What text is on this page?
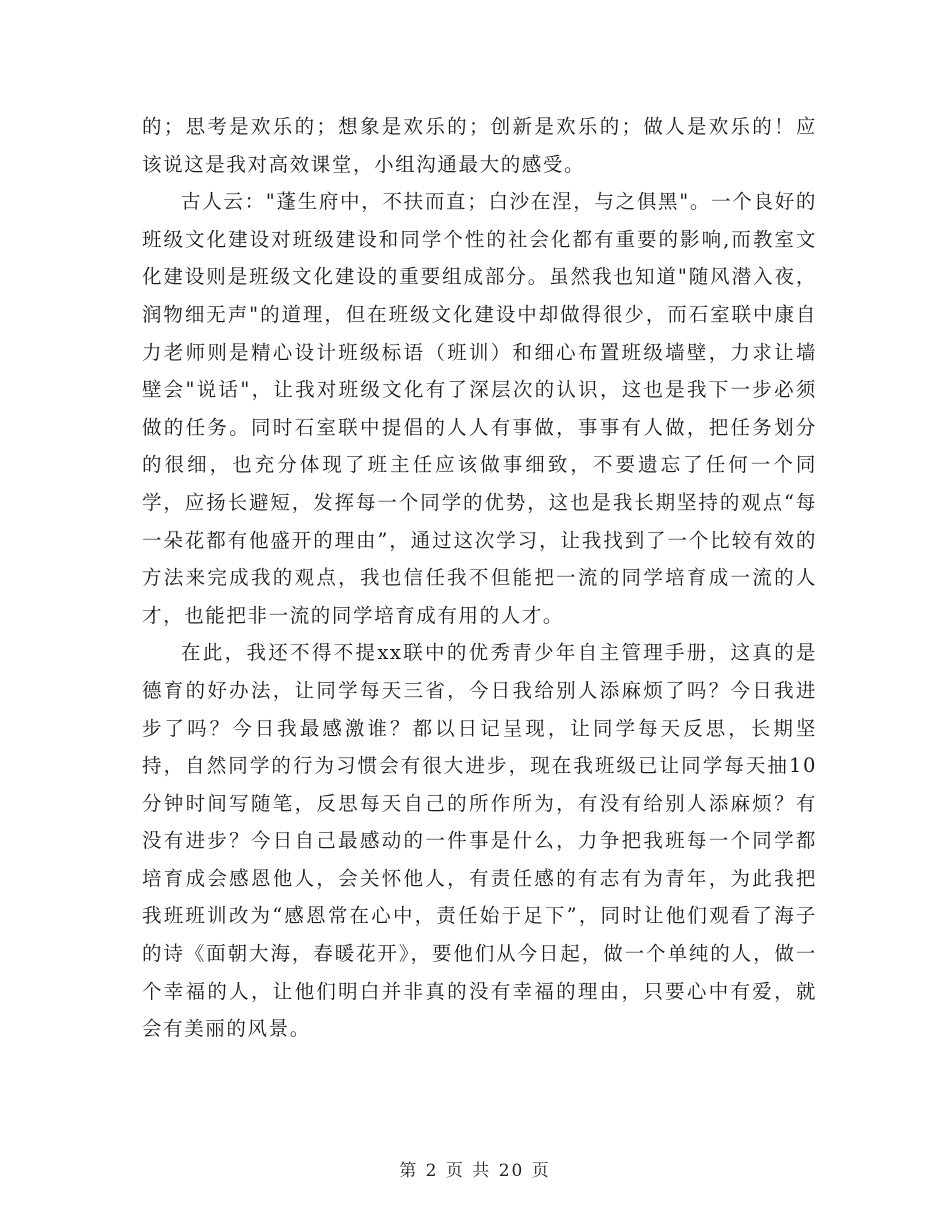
的；思考是欢乐的；想象是欢乐的；创新是欢乐的；做人是欢乐的！应该说这是我对高效课堂，小组沟通最大的感受。

古人云："蓬生府中，不扶而直；白沙在涅，与之俱黑"。一个良好的班级文化建设对班级建设和同学个性的社会化都有重要的影响,而教室文化建设则是班级文化建设的重要组成部分。虽然我也知道"随风潜入夜，润物细无声"的道理，但在班级文化建设中却做得很少，而石室联中康自力老师则是精心设计班级标语（班训）和细心布置班级墙壁，力求让墙壁会"说话"，让我对班级文化有了深层次的认识，这也是我下一步必须做的任务。同时石室联中提倡的人人有事做，事事有人做，把任务划分的很细，也充分体现了班主任应该做事细致，不要遗忘了任何一个同学，应扬长避短，发挥每一个同学的优势，这也是我长期坚持的观点“每一朵花都有他盛开的理由”，通过这次学习，让我找到了一个比较有效的方法来完成我的观点，我也信任我不但能把一流的同学培育成一流的人才，也能把非一流的同学培育成有用的人才。

在此，我还不得不提xx联中的优秀青少年自主管理手册，这真的是德育的好办法，让同学每天三省，今日我给别人添麻烦了吗？今日我进步了吗？今日我最感激谁？都以日记呈现，让同学每天反思，长期坚持，自然同学的行为习惯会有很大进步，现在我班级已让同学每天抽10分钟时间写随笔，反思每天自己的所作所为，有没有给别人添麻烦？有没有进步？今日自己最感动的一件事是什么，力争把我班每一个同学都培育成会感恩他人，会关怀他人，有责任感的有志有为青年，为此我把我班班训改为“感恩常在心中，责任始于足下”，同时让他们观看了海子的诗《面朝大海，春暖花开》，要他们从今日起，做一个单纯的人，做一个幸福的人，让他们明白并非真的没有幸福的理由，只要心中有爱，就会有美丽的风景。

第 2 页 共 20 页
